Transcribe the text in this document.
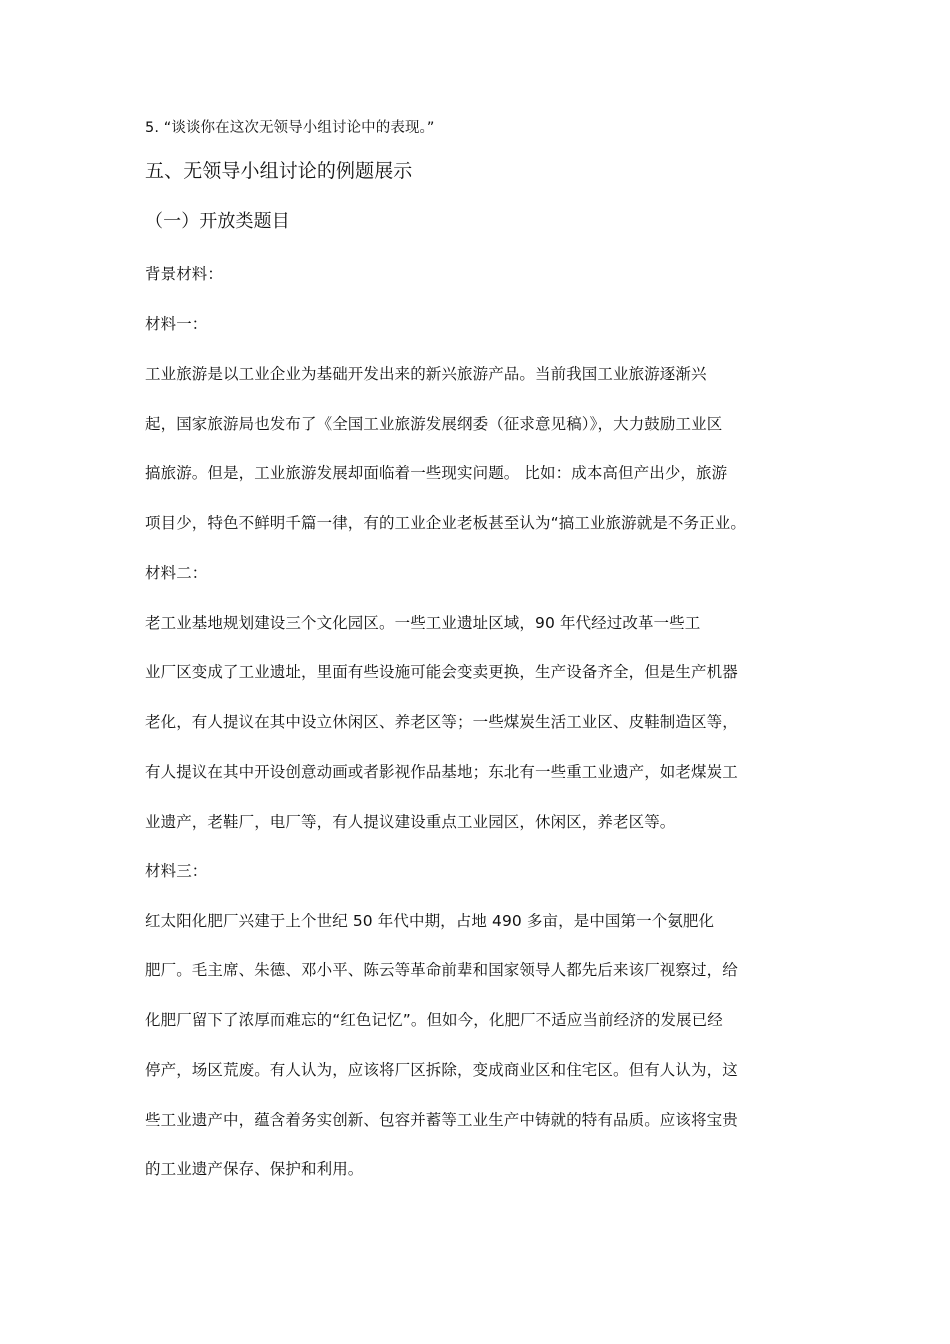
5. “谈谈你在这次无领导小组讨论中的表现。”
五、无领导小组讨论的例题展示
（一）开放类题目
背景材料：
材料一：
工业旅游是以工业企业为基础开发出来的新兴旅游产品。当前我国工业旅游逐渐兴
起，国家旅游局也发布了《全国工业旅游发展纲委（征求意见稿）》，大力鼓励工业区
搞旅游。但是，工业旅游发展却面临着一些现实问题。 比如：成本高但产出少，旅游
项目少，特色不鲜明千篇一律，有的工业企业老板甚至认为“搞工业旅游就是不务正业。
材料二：
老工业基地规划建设三个文化园区。一些工业遗址区域，90 年代经过改革一些工
业厂区变成了工业遗址，里面有些设施可能会变卖更换，生产设备齐全，但是生产机器
老化，有人提议在其中设立休闲区、养老区等；一些煤炭生活工业区、皮鞋制造区等，
有人提议在其中开设创意动画或者影视作品基地；东北有一些重工业遗产，如老煤炭工
业遗产，老鞋厂，电厂等，有人提议建设重点工业园区，休闲区，养老区等。
材料三：
红太阳化肥厂兴建于上个世纪 50 年代中期，占地 490 多亩，是中国第一个氨肥化
肥厂。毛主席、朱德、邓小平、陈云等革命前辈和国家领导人都先后来该厂视察过，给
化肥厂留下了浓厚而难忘的“红色记忆”。但如今，化肥厂不适应当前经济的发展已经
停产，场区荒废。有人认为，应该将厂区拆除，变成商业区和住宅区。但有人认为，这
些工业遗产中，蕴含着务实创新、包容并蓄等工业生产中铸就的特有品质。应该将宝贵
的工业遗产保存、保护和利用。
